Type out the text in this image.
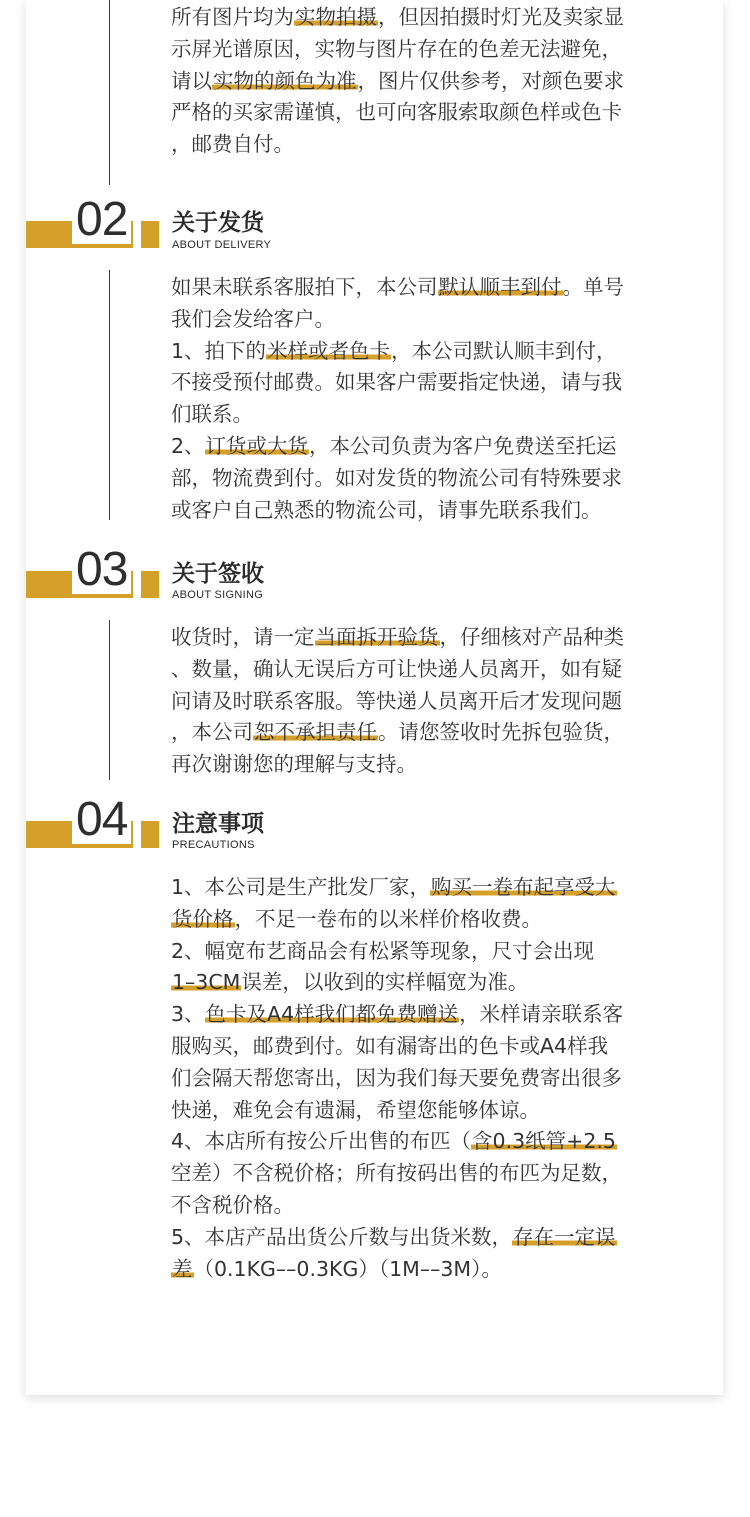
所有图片均为实物拍摄，但因拍摄时灯光及卖家显
示屏光谱原因，实物与图片存在的色差无法避免，
请以实物的颜色为准，图片仅供参考，对颜色要求
严格的买家需谨慎，也可向客服索取颜色样或色卡
，邮费自付。
02 关于发货
ABOUT DELIVERY
如果未联系客服拍下，本公司默认顺丰到付。单号
我们会发给客户。
1、拍下的米样或者色卡，本公司默认顺丰到付，
不接受预付邮费。如果客户需要指定快递，请与我
们联系。
2、订货或大货，本公司负责为客户免费送至托运
部，物流费到付。如对发货的物流公司有特殊要求
或客户自己熟悉的物流公司，请事先联系我们。
03 关于签收
ABOUT SIGNING
收货时，请一定当面拆开验货，仔细核对产品种类
、数量，确认无误后方可让快递人员离开，如有疑
问请及时联系客服。等快递人员离开后才发现问题
，本公司恕不承担责任。请您签收时先拆包验货，
再次谢谢您的理解与支持。
04 注意事项
PRECAUTIONS
1、本公司是生产批发厂家，购买一卷布起享受大
货价格，不足一卷布的以米样价格收费。
2、幅宽布艺商品会有松紧等现象，尺寸会出现
1–3CM误差，以收到的实样幅宽为准。
3、色卡及A4样我们都免费赠送，米样请亲联系客
服购买，邮费到付。如有漏寄出的色卡或A4样我
们会隔天帮您寄出，因为我们每天要免费寄出很多
快递，难免会有遗漏，希望您能够体谅。
4、本店所有按公斤出售的布匹（含0.3纸管+2.5
空差）不含税价格；所有按码出售的布匹为足数，
不含税价格。
5、本店产品出货公斤数与出货米数，存在一定误
差（0.1KG––0.3KG）（1M––3M）。
